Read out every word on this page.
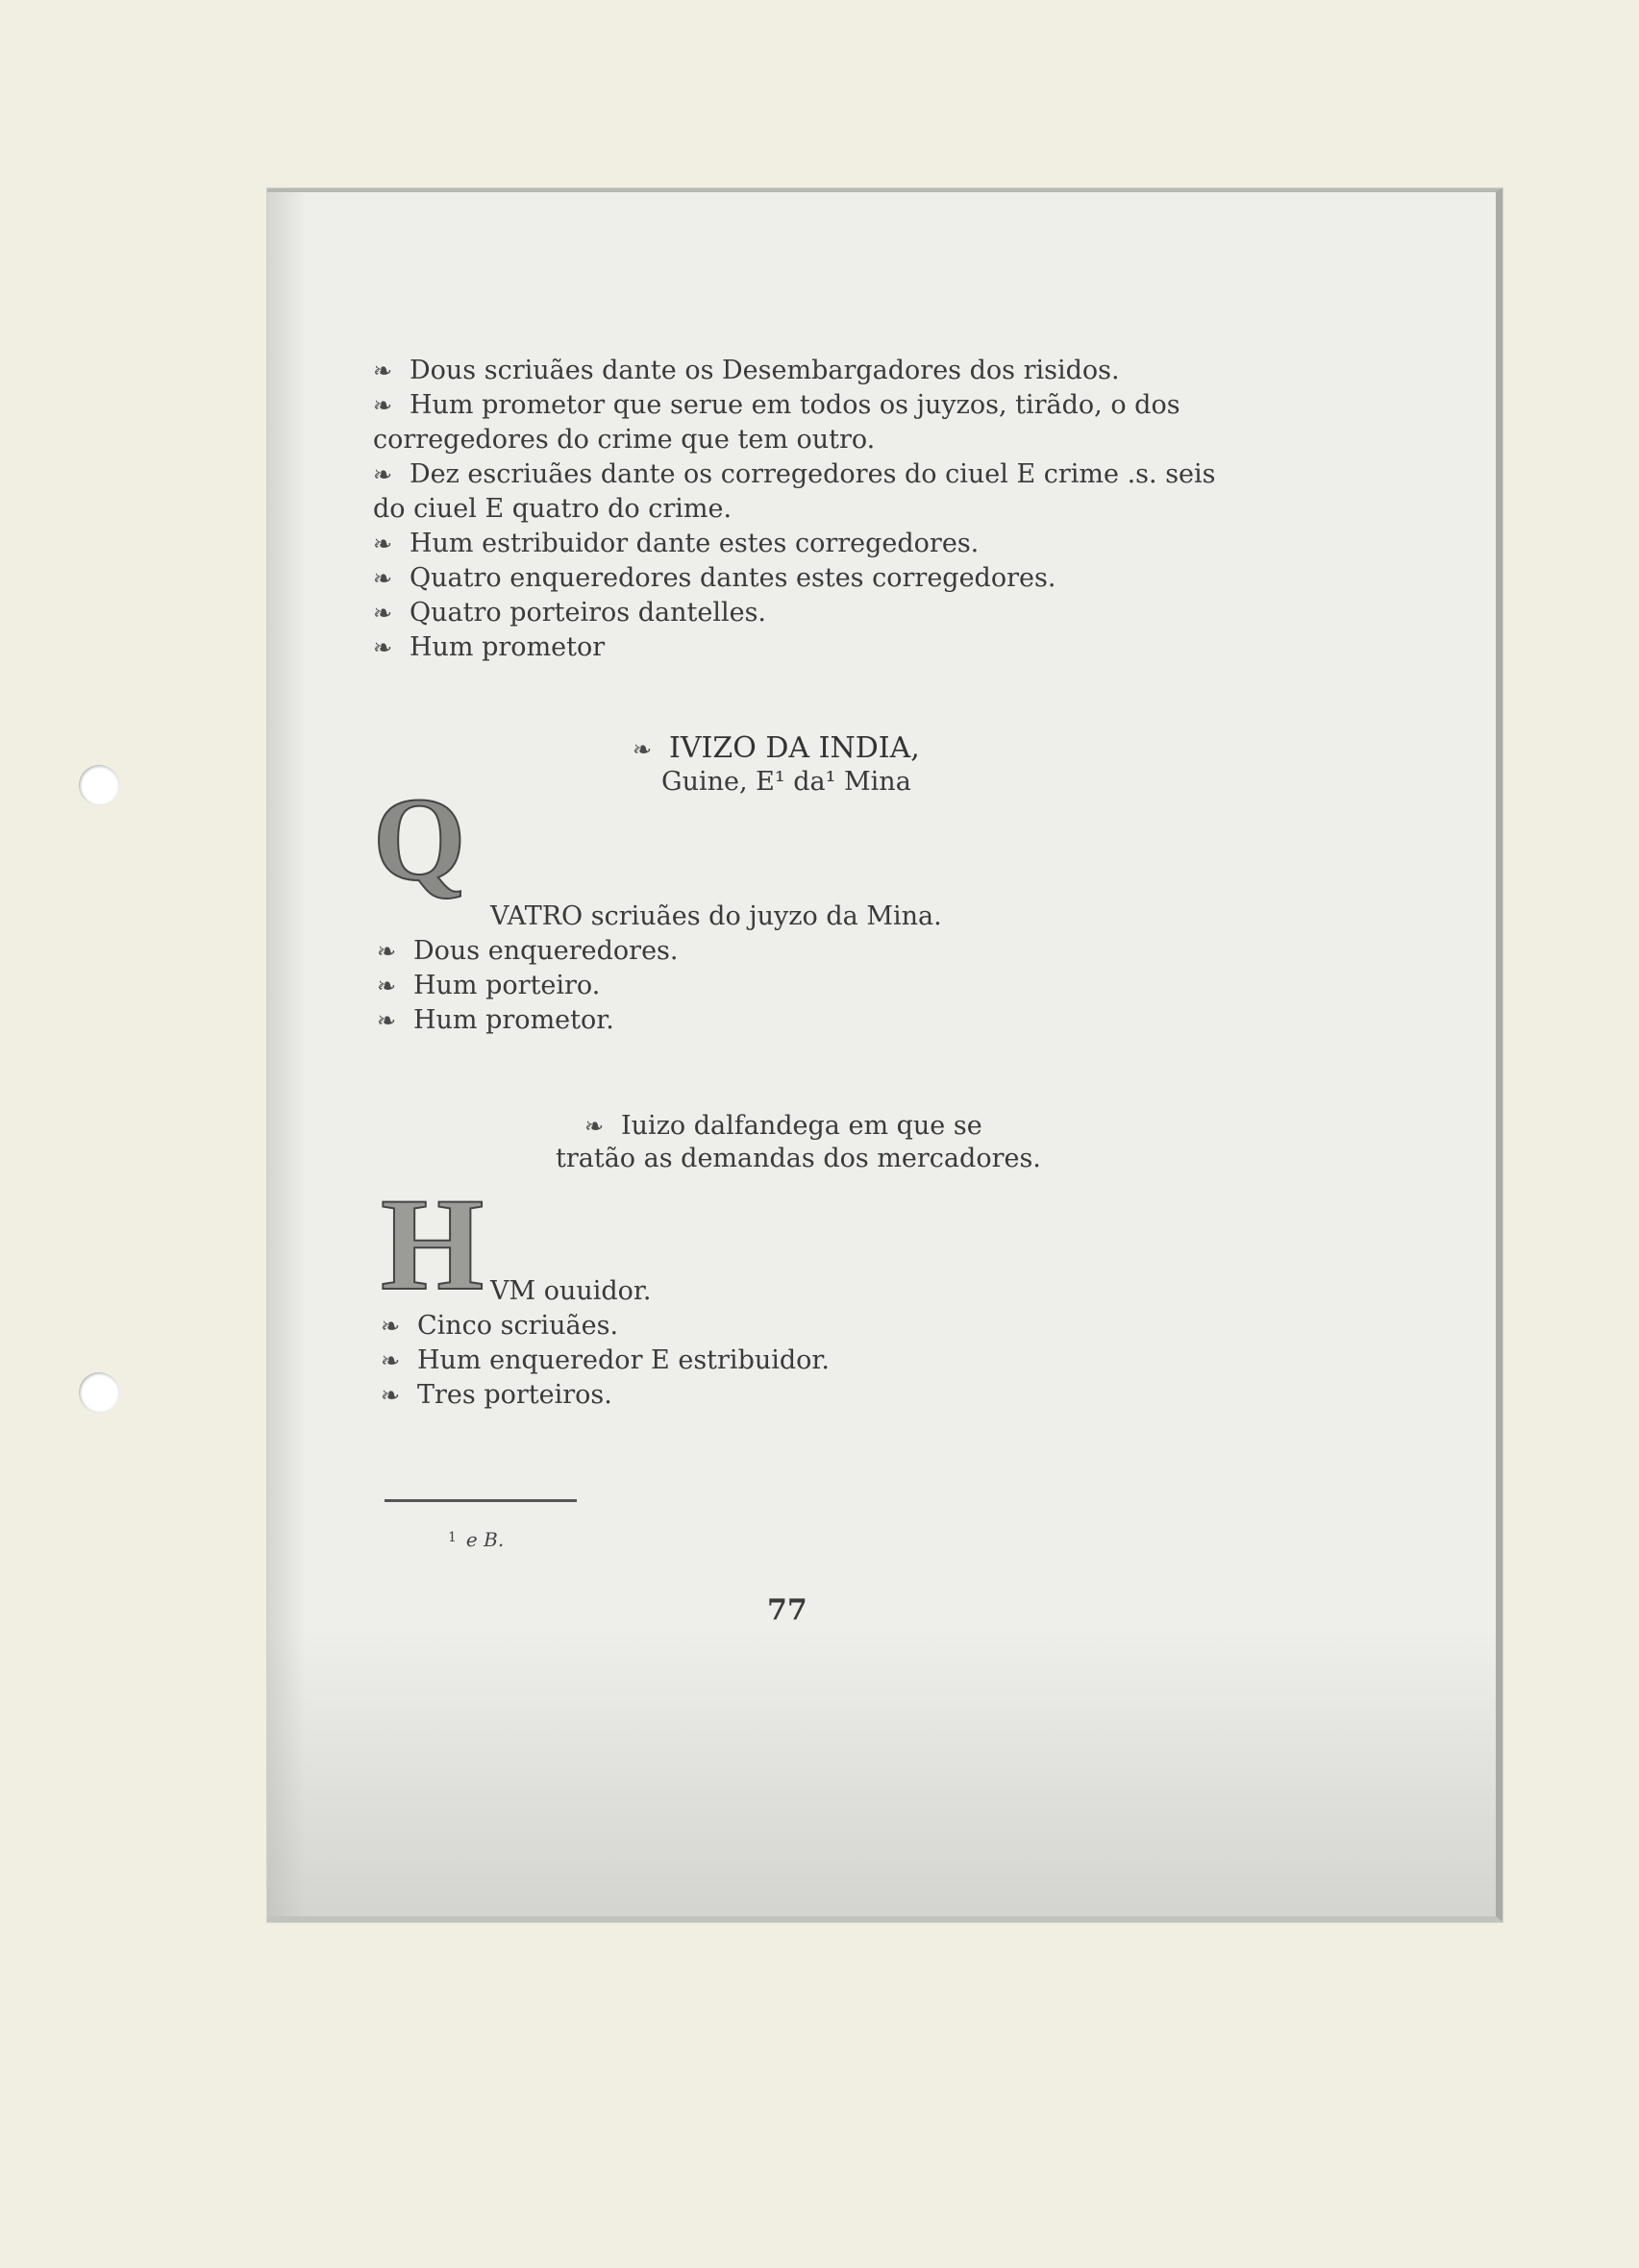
❧ Dous scriuães dante os Desembargadores dos risidos.

❧ Hum prometor que serue em todos os juyzos, tirãdo, o dos

corregedores do crime que tem outro.

❧ Dez escriuães dante os corregedores do ciuel E crime .s. seis

do ciuel E quatro do crime.

❧ Hum estribuidor dante estes corregedores.

❧ Quatro enqueredores dantes estes corregedores.

❧ Quatro porteiros dantelles.

❧ Hum prometor

❧ IVIZO DA INDIA,
Guine, E¹ da¹ Mina
Q

VATRO scriuães do juyzo da Mina.

❧ Dous enqueredores.

❧ Hum porteiro.

❧ Hum prometor.

❧ Iuizo dalfandega em que se
tratão as demandas dos mercadores.
H VM ouuidor.

❧ Cinco scriuães.

❧ Hum enqueredor E estribuidor.

❧ Tres porteiros.

$^1$ e B.
77
